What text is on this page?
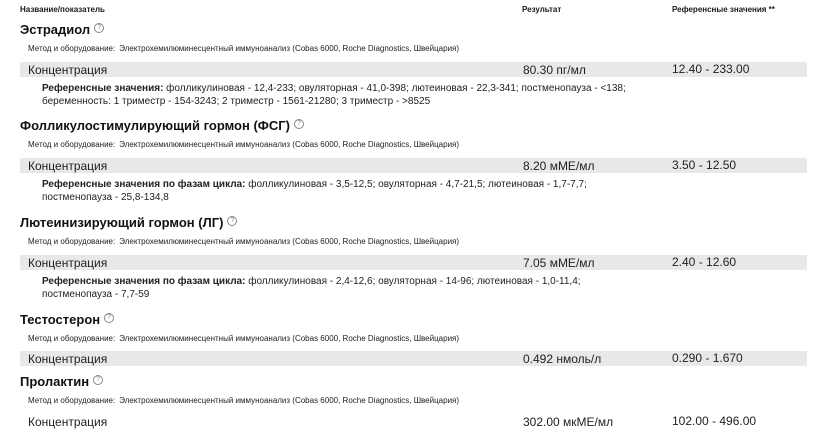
Название/показатель	Результат	Референсные значения **
Эстрадиол ?
Метод и оборудование: Электрохемилюминесцентный иммуноанализ (Cobas 6000, Roche Diagnostics, Швейцария)
Концентрация	80.30 пг/мл	12.40 - 233.00
Референсные значения: фолликулиновая - 12,4-233; овуляторная - 41,0-398; лютеиновая - 22,3-341; постменопауза - <138;
беременность: 1 триместр - 154-3243; 2 триместр - 1561-21280; 3 триместр - >8525
Фолликулостимулирующий гормон (ФСГ) ?
Метод и оборудование: Электрохемилюминесцентный иммуноанализ (Cobas 6000, Roche Diagnostics, Швейцария)
Концентрация	8.20 мМЕ/мл	3.50 - 12.50
Референсные значения по фазам цикла: фолликулиновая - 3,5-12,5; овуляторная - 4,7-21,5; лютеиновая - 1,7-7,7;
постменопауза - 25,8-134,8
Лютеинизирующий гормон (ЛГ) ?
Метод и оборудование: Электрохемилюминесцентный иммуноанализ (Cobas 6000, Roche Diagnostics, Швейцария)
Концентрация	7.05 мМЕ/мл	2.40 - 12.60
Референсные значения по фазам цикла: фолликулиновая - 2,4-12,6; овуляторная - 14-96; лютеиновая - 1,0-11,4;
постменопауза - 7,7-59
Тестостерон ?
Метод и оборудование: Электрохемилюминесцентный иммуноанализ (Cobas 6000, Roche Diagnostics, Швейцария)
Концентрация	0.492 нмоль/л	0.290 - 1.670
Пролактин ?
Метод и оборудование: Электрохемилюминесцентный иммуноанализ (Cobas 6000, Roche Diagnostics, Швейцария)
Концентрация	302.00 мкМЕ/мл	102.00 - 496.00
